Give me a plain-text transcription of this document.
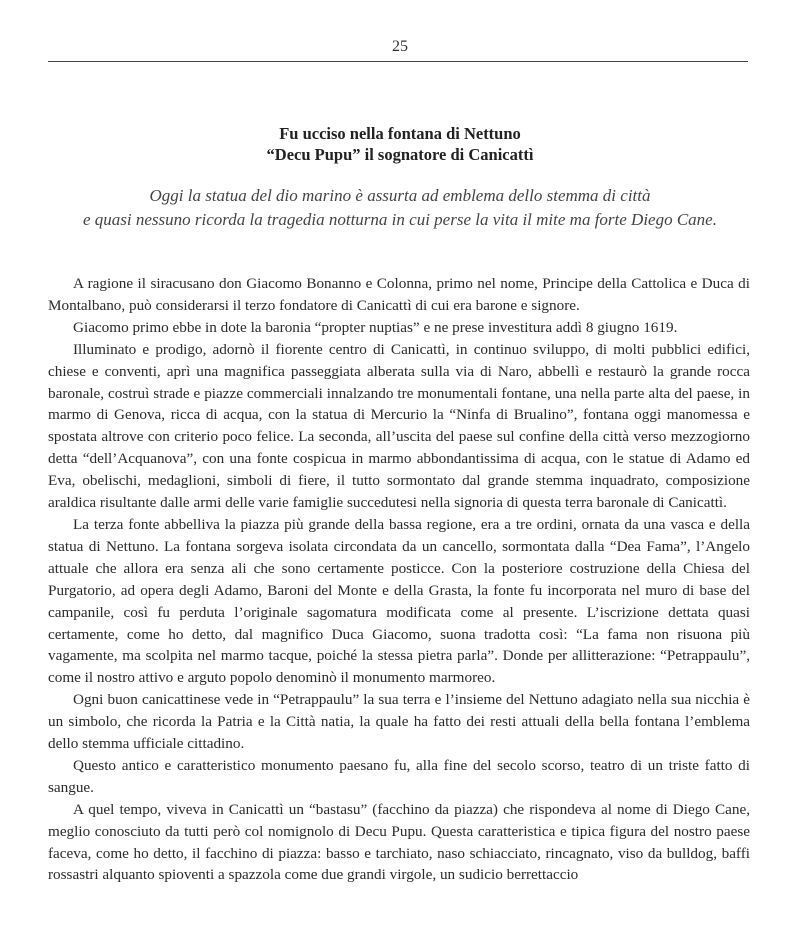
25
Fu ucciso nella fontana di Nettuno
“Decu Pupu” il sognatore di Canicattì
Oggi la statua del dio marino è assurta ad emblema dello stemma di città
e quasi nessuno ricorda la tragedia notturna in cui perse la vita il mite ma forte Diego Cane.

A ragione il siracusano don Giacomo Bonanno e Colonna, primo nel nome, Principe della Cattolica e Duca di Montalbano, può considerarsi il terzo fondatore di Canicattì di cui era barone e signore.

Giacomo primo ebbe in dote la baronia “propter nuptias” e ne prese investitura addì 8 giugno 1619.

Illuminato e prodigo, adornò il fiorente centro di Canicattì, in continuo sviluppo, di molti pubblici edifici, chiese e conventi, aprì una magnifica passeggiata alberata sulla via di Naro, abbellì e restaurò la grande rocca baronale, costruì strade e piazze commerciali innalzando tre monumentali fontane, una nella parte alta del paese, in marmo di Genova, ricca di acqua, con la statua di Mercurio la “Ninfa di Brualino”, fontana oggi manomessa e spostata altrove con criterio poco felice. La seconda, all’uscita del paese sul confine della città verso mezzogiorno detta “dell’Acquanova”, con una fonte cospicua in marmo abbondantissima di acqua, con le statue di Adamo ed Eva, obelischi, medaglioni, simboli di fiere, il tutto sormontato dal grande stemma inquadrato, composizione araldica risultante dalle armi delle varie famiglie succedutesi nella signoria di questa terra baronale di Canicattì.

La terza fonte abbelliva la piazza più grande della bassa regione, era a tre ordini, ornata da una vasca e della statua di Nettuno. La fontana sorgeva isolata circondata da un cancello, sormontata dalla “Dea Fama”, l’Angelo attuale che allora era senza ali che sono certamente posticce. Con la posteriore costruzione della Chiesa del Purgatorio, ad opera degli Adamo, Baroni del Monte e della Grasta, la fonte fu incorporata nel muro di base del campanile, così fu perduta l’originale sagomatura modificata come al presente. L’iscrizione dettata quasi certamente, come ho detto, dal magnifico Duca Giacomo, suona tradotta così: “La fama non risuona più vagamente, ma scolpita nel marmo tacque, poiché la stessa pietra parla”. Donde per allitterazione: “Petrappaulu”, come il nostro attivo e arguto popolo denominò il monumento marmoreo.

Ogni buon canicattinese vede in “Petrappaulu” la sua terra e l’insieme del Nettuno adagiato nella sua nicchia è un simbolo, che ricorda la Patria e la Città natia, la quale ha fatto dei resti attuali della bella fontana l’emblema dello stemma ufficiale cittadino.

Questo antico e caratteristico monumento paesano fu, alla fine del secolo scorso, teatro di un triste fatto di sangue.

A quel tempo, viveva in Canicattì un “bastasu” (facchino da piazza) che rispondeva al nome di Diego Cane, meglio conosciuto da tutti però col nomignolo di Decu Pupu. Questa caratteristica e tipica figura del nostro paese faceva, come ho detto, il facchino di piazza: basso e tarchiato, naso schiacciato, rincagnato, viso da bulldog, baffi rossastri alquanto spioventi a spazzola come due grandi virgole, un sudicio berrettaccio
